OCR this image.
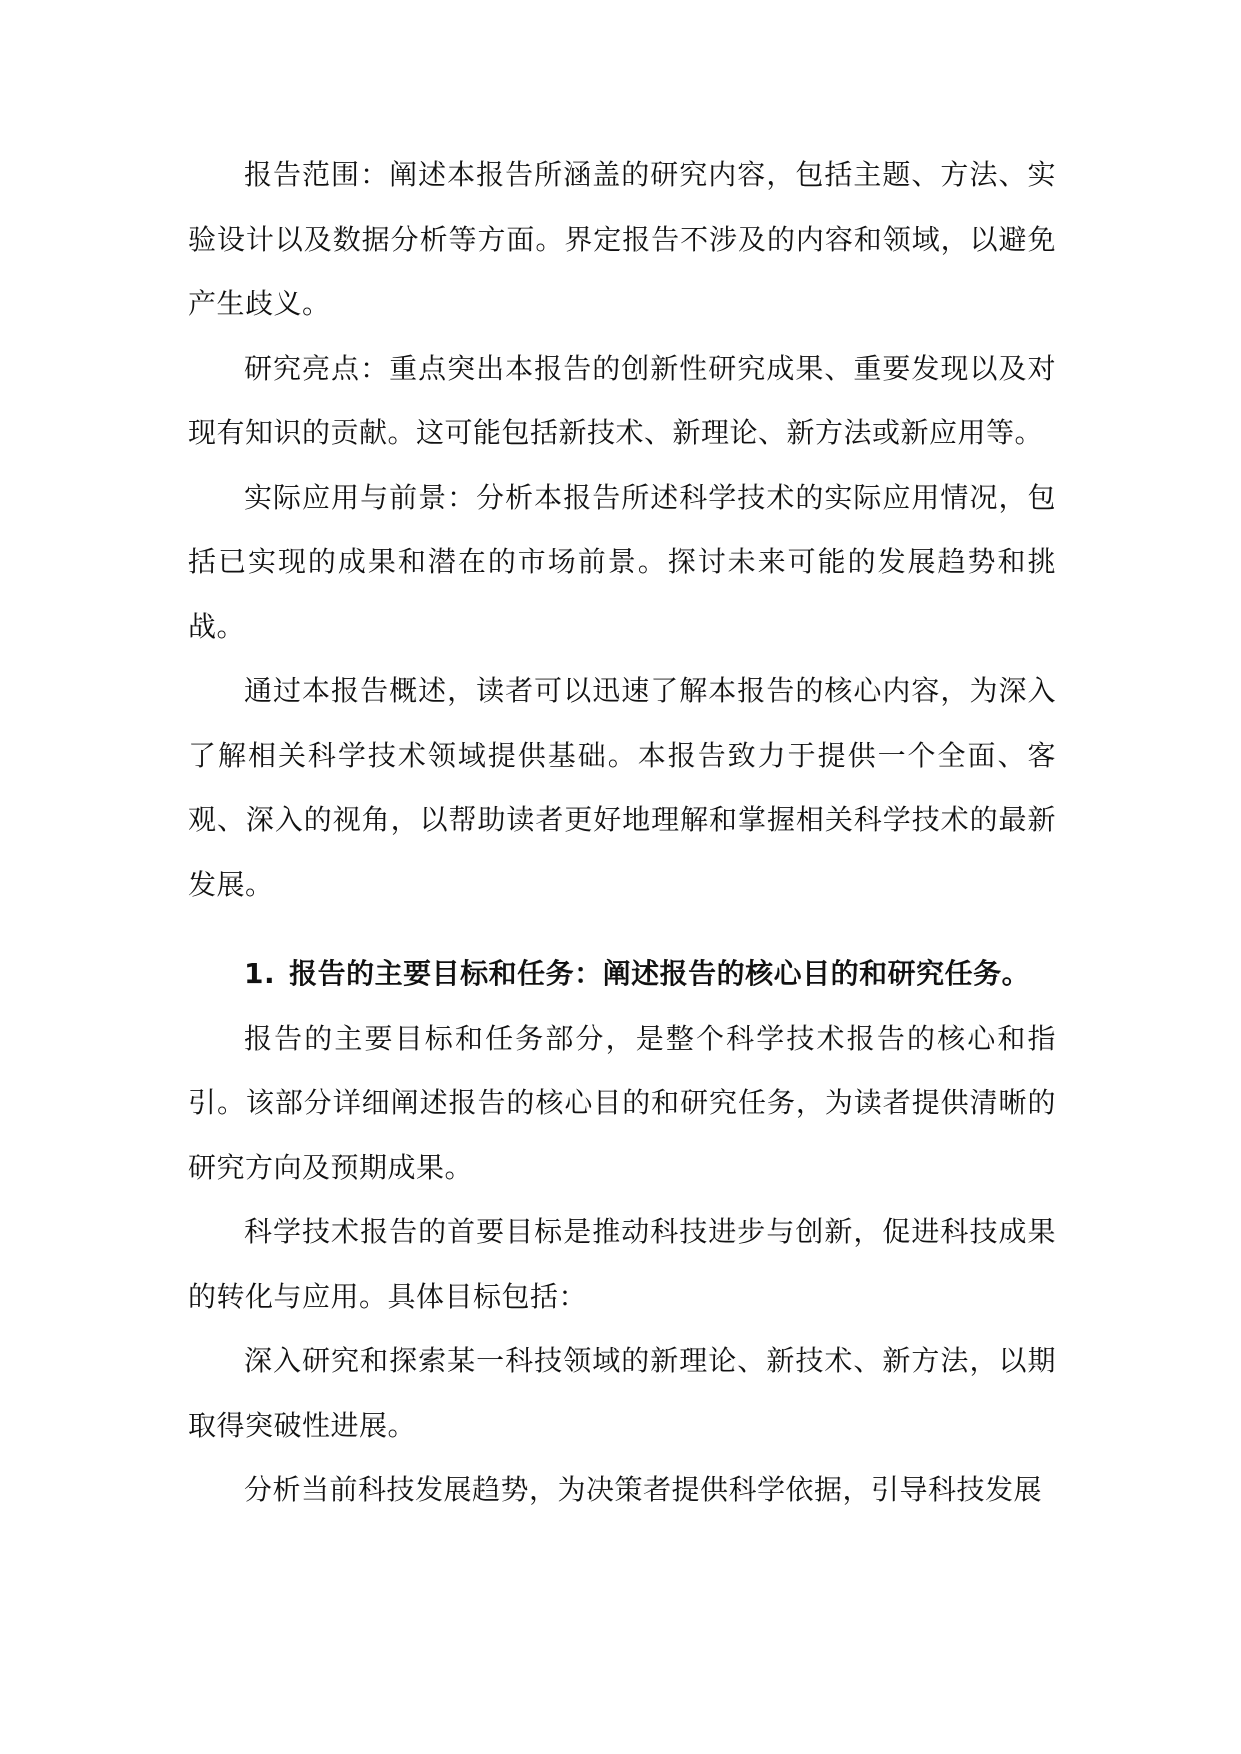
报告范围：阐述本报告所涵盖的研究内容，包括主题、方法、实验设计以及数据分析等方面。界定报告不涉及的内容和领域，以避免产生歧义。

研究亮点：重点突出本报告的创新性研究成果、重要发现以及对现有知识的贡献。这可能包括新技术、新理论、新方法或新应用等。

实际应用与前景：分析本报告所述科学技术的实际应用情况，包括已实现的成果和潜在的市场前景。探讨未来可能的发展趋势和挑战。

通过本报告概述，读者可以迅速了解本报告的核心内容，为深入了解相关科学技术领域提供基础。本报告致力于提供一个全面、客观、深入的视角，以帮助读者更好地理解和掌握相关科学技术的最新发展。

1. 报告的主要目标和任务：阐述报告的核心目的和研究任务。

报告的主要目标和任务部分，是整个科学技术报告的核心和指引。该部分详细阐述报告的核心目的和研究任务，为读者提供清晰的研究方向及预期成果。

科学技术报告的首要目标是推动科技进步与创新，促进科技成果的转化与应用。具体目标包括：

深入研究和探索某一科技领域的新理论、新技术、新方法，以期取得突破性进展。

分析当前科技发展趋势，为决策者提供科学依据，引导科技发展
